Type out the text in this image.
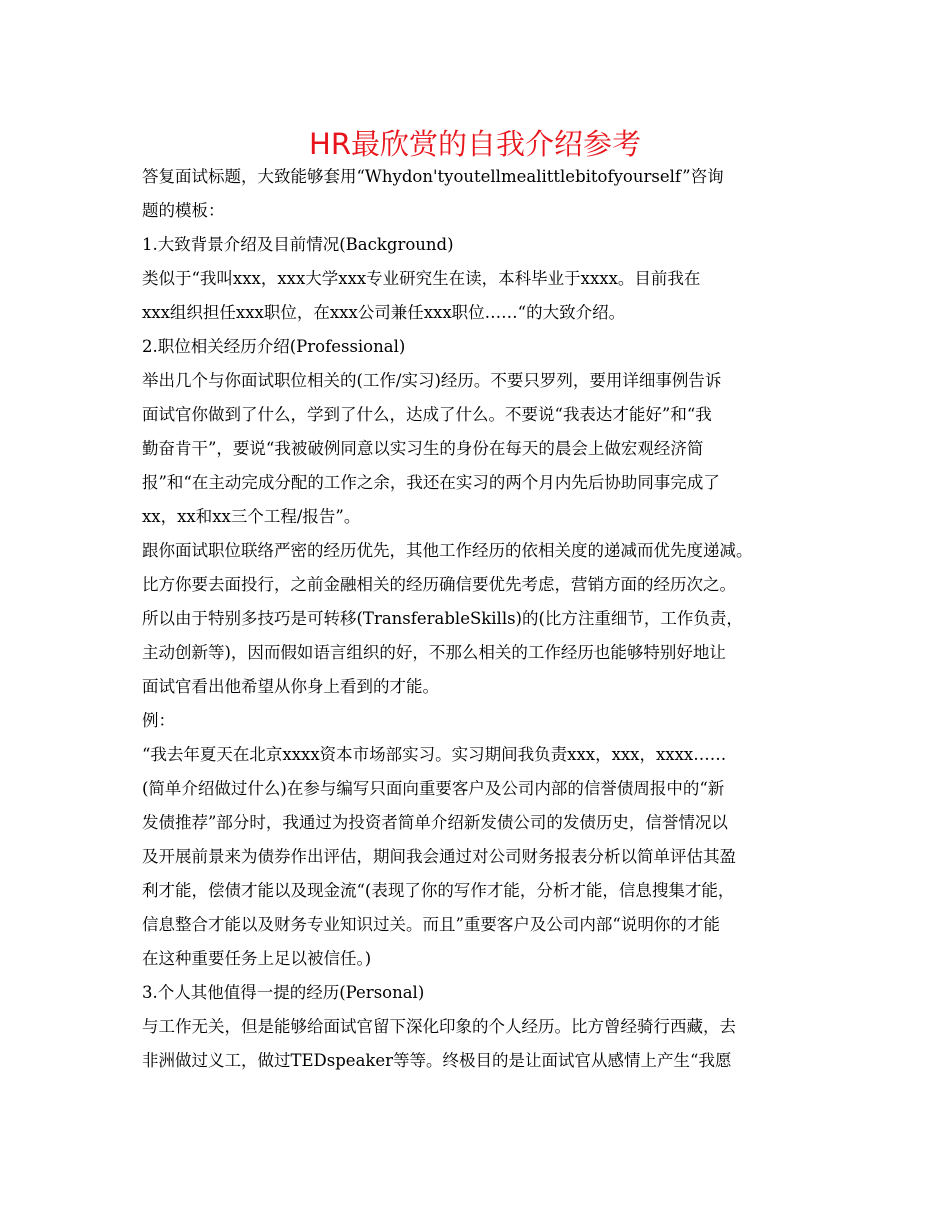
HR最欣赏的自我介绍参考
答复面试标题，大致能够套用“Whydon'tyoutellmealittlebitofyourself”咨询
题的模板：
1.大致背景介绍及目前情况(Background)
类似于“我叫xxx，xxx大学xxx专业研究生在读，本科毕业于xxxx。目前我在
xxx组织担任xxx职位，在xxx公司兼任xxx职位……“的大致介绍。
2.职位相关经历介绍(Professional)
举出几个与你面试职位相关的(工作/实习)经历。不要只罗列，要用详细事例告诉
面试官你做到了什么，学到了什么，达成了什么。不要说“我表达才能好”和“我
勤奋肯干”，要说“我被破例同意以实习生的身份在每天的晨会上做宏观经济简
报”和“在主动完成分配的工作之余，我还在实习的两个月内先后协助同事完成了
xx，xx和xx三个工程/报告”。
跟你面试职位联络严密的经历优先，其他工作经历的依相关度的递减而优先度递减。
比方你要去面投行，之前金融相关的经历确信要优先考虑，营销方面的经历次之。
所以由于特别多技巧是可转移(TransferableSkills)的(比方注重细节，工作负责，
主动创新等)，因而假如语言组织的好，不那么相关的工作经历也能够特别好地让
面试官看出他希望从你身上看到的才能。
例：
“我去年夏天在北京xxxx资本市场部实习。实习期间我负责xxx，xxx，xxxx……
(简单介绍做过什么)在参与编写只面向重要客户及公司内部的信誉债周报中的“新
发债推荐”部分时，我通过为投资者简单介绍新发债公司的发债历史，信誉情况以
及开展前景来为债券作出评估，期间我会通过对公司财务报表分析以简单评估其盈
利才能，偿债才能以及现金流“(表现了你的写作才能，分析才能，信息搜集才能，
信息整合才能以及财务专业知识过关。而且”重要客户及公司内部“说明你的才能
在这种重要任务上足以被信任。)
3.个人其他值得一提的经历(Personal)
与工作无关，但是能够给面试官留下深化印象的个人经历。比方曾经骑行西藏，去
非洲做过义工，做过TEDspeaker等等。终极目的是让面试官从感情上产生“我愿
